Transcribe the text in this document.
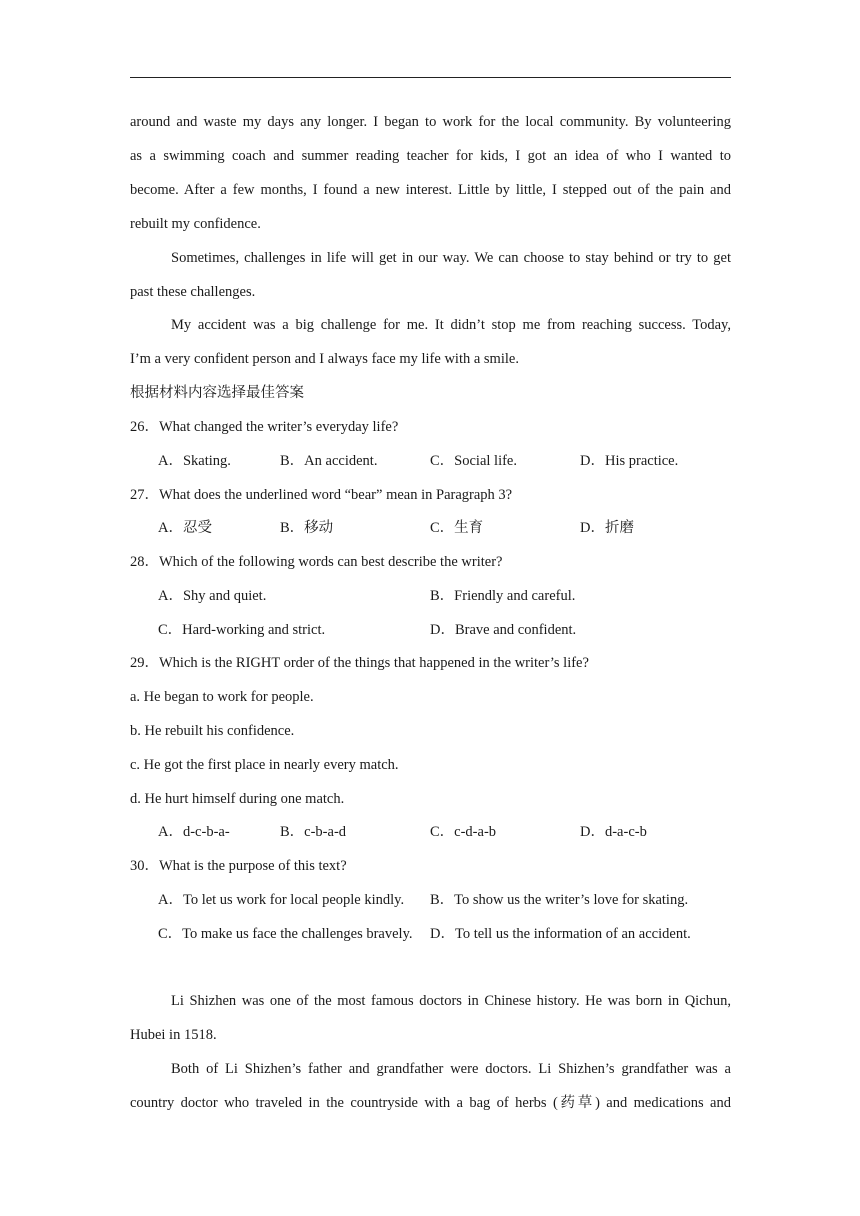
around and waste my days any longer. I began to work for the local community. By volunteering
as a swimming coach and summer reading teacher for kids, I got an idea of who I wanted to
become. After a few months, I found a new interest. Little by little, I stepped out of the pain and
rebuilt my confidence.
Sometimes, challenges in life will get in our way. We can choose to stay behind or try to get
past these challenges.
My accident was a big challenge for me. It didn’t stop me from reaching success. Today,
I’m a very confident person and I always face my life with a smile.
根据材料内容选择最佳答案
26．What changed the writer’s everyday life?
A．Skating.	B．An accident.	C．Social life.	D．His practice.
27．What does the underlined word “bear” mean in Paragraph 3?
A．忍受	B．移动	C．生育	D．折磨
28．Which of the following words can best describe the writer?
A．Shy and quiet.	B．Friendly and careful.
C．Hard-working and strict.	D．Brave and confident.
29．Which is the RIGHT order of the things that happened in the writer’s life?
a. He began to work for people.
b. He rebuilt his confidence.
c. He got the first place in nearly every match.
d. He hurt himself during one match.
A．d-c-b-a-	B．c-b-a-d	C．c-d-a-b	D．d-a-c-b
30．What is the purpose of this text?
A．To let us work for local people kindly. B．To show us the writer’s love for skating.
C．To make us face the challenges bravely. D．To tell us the information of an accident.
Li Shizhen was one of the most famous doctors in Chinese history. He was born in Qichun,
Hubei in 1518.
Both of Li Shizhen’s father and grandfather were doctors. Li Shizhen’s grandfather was a
country doctor who traveled in the countryside with a bag of herbs (药草) and medications and
